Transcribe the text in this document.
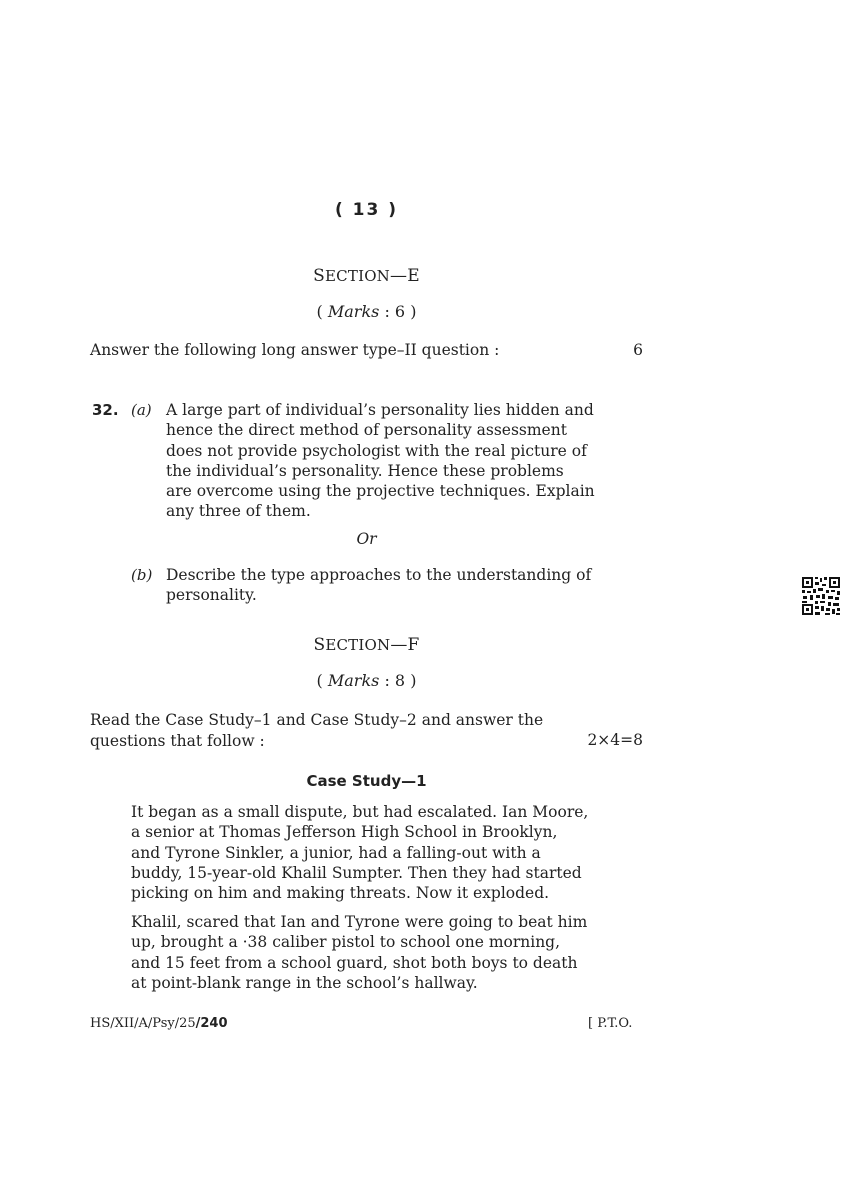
( 13 )
SECTION—E
( Marks : 6 )
Answer the following long answer type–II question :	6
32. (a) A large part of individual’s personality lies hidden and
hence the direct method of personality assessment
does not provide psychologist with the real picture of
the individual’s personality. Hence these problems
are overcome using the projective techniques. Explain
any three of them.
Or
(b) Describe the type approaches to the understanding of
personality.
SECTION—F
( Marks : 8 )
Read the Case Study–1 and Case Study–2 and answer the
questions that follow :	2×4=8
Case Study—1
It began as a small dispute, but had escalated. Ian Moore,
a senior at Thomas Jefferson High School in Brooklyn,
and Tyrone Sinkler, a junior, had a falling-out with a
buddy, 15-year-old Khalil Sumpter. Then they had started
picking on him and making threats. Now it exploded.
Khalil, scared that Ian and Tyrone were going to beat him
up, brought a ·38 caliber pistol to school one morning,
and 15 feet from a school guard, shot both boys to death
at point-blank range in the school’s hallway.
HS/XII/A/Psy/25/240	[ P.T.O.
